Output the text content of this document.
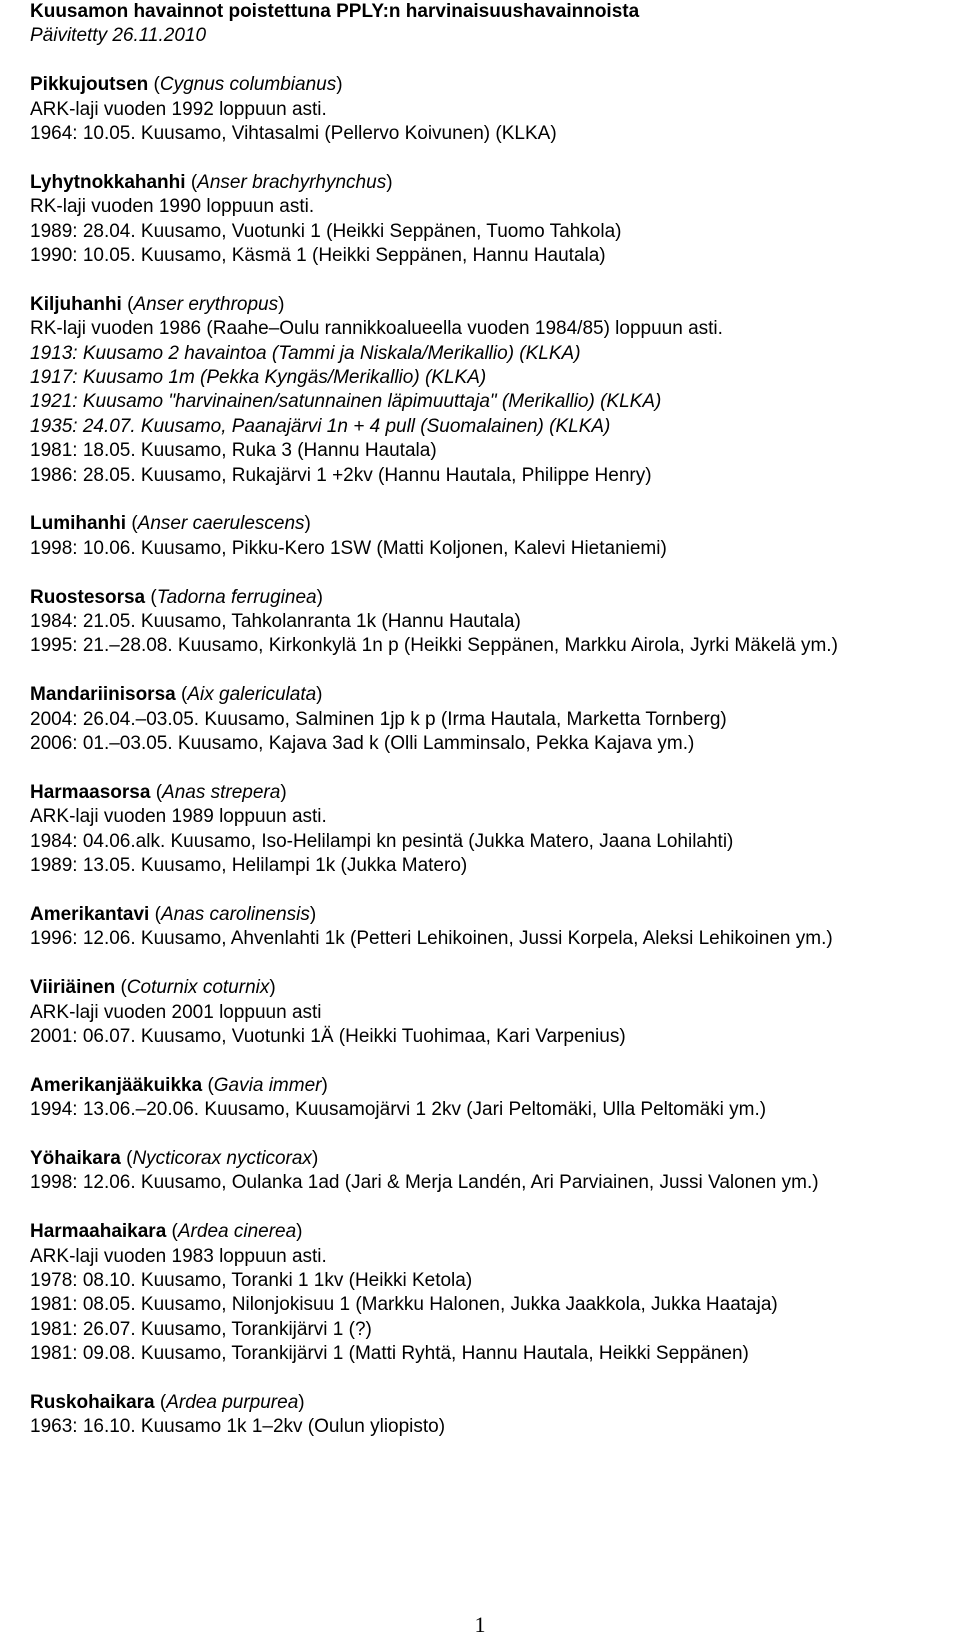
Kuusamon havainnot poistettuna PPLY:n harvinaisuushavainnoista
Päivitetty 26.11.2010
Pikkujoutsen (Cygnus columbianus)
ARK-laji vuoden 1992 loppuun asti.
1964: 10.05. Kuusamo, Vihtasalmi (Pellervo Koivunen) (KLKA)
Lyhytnokkahanhi (Anser brachyrhynchus)
RK-laji vuoden 1990 loppuun asti.
1989: 28.04. Kuusamo, Vuotunki 1 (Heikki Seppänen, Tuomo Tahkola)
1990: 10.05. Kuusamo, Käsmä 1 (Heikki Seppänen, Hannu Hautala)
Kiljuhanhi (Anser erythropus)
RK-laji vuoden 1986 (Raahe–Oulu rannikkoalueella vuoden 1984/85) loppuun asti.
1913: Kuusamo 2 havaintoa (Tammi ja Niskala/Merikallio) (KLKA)
1917: Kuusamo 1m (Pekka Kyngäs/Merikallio) (KLKA)
1921: Kuusamo "harvinainen/satunnainen läpimuuttaja" (Merikallio) (KLKA)
1935: 24.07. Kuusamo, Paanajärvi 1n + 4 pull (Suomalainen) (KLKA)
1981: 18.05. Kuusamo, Ruka 3 (Hannu Hautala)
1986: 28.05. Kuusamo, Rukajärvi 1 +2kv (Hannu Hautala, Philippe Henry)
Lumihanhi (Anser caerulescens)
1998: 10.06. Kuusamo, Pikku-Kero 1SW (Matti Koljonen, Kalevi Hietaniemi)
Ruostesorsa (Tadorna ferruginea)
1984: 21.05. Kuusamo, Tahkolanranta 1k (Hannu Hautala)
1995: 21.–28.08. Kuusamo, Kirkonkylä 1n p (Heikki Seppänen, Markku Airola, Jyrki Mäkelä ym.)
Mandariinisorsa (Aix galericulata)
2004: 26.04.–03.05. Kuusamo, Salminen 1jp k p (Irma Hautala, Marketta Tornberg)
2006: 01.–03.05. Kuusamo, Kajava 3ad k (Olli Lamminsalo, Pekka Kajava ym.)
Harmaasorsa (Anas strepera)
ARK-laji vuoden 1989 loppuun asti.
1984: 04.06.alk. Kuusamo, Iso-Helilampi kn pesintä (Jukka Matero, Jaana Lohilahti)
1989: 13.05. Kuusamo, Helilampi 1k (Jukka Matero)
Amerikantavi (Anas carolinensis)
1996: 12.06. Kuusamo, Ahvenlahti 1k (Petteri Lehikoinen, Jussi Korpela, Aleksi Lehikoinen ym.)
Viiriäinen (Coturnix coturnix)
ARK-laji vuoden 2001 loppuun asti
2001: 06.07. Kuusamo, Vuotunki 1Ä (Heikki Tuohimaa, Kari Varpenius)
Amerikanjääkuikka (Gavia immer)
1994: 13.06.–20.06. Kuusamo, Kuusamojärvi 1 2kv (Jari Peltomäki, Ulla Peltomäki ym.)
Yöhaikara (Nycticorax nycticorax)
1998: 12.06. Kuusamo, Oulanka 1ad (Jari & Merja Landén, Ari Parviainen, Jussi Valonen ym.)
Harmaahaikara (Ardea cinerea)
ARK-laji vuoden 1983 loppuun asti.
1978: 08.10. Kuusamo, Toranki 1 1kv (Heikki Ketola)
1981: 08.05. Kuusamo, Nilonjokisuu 1 (Markku Halonen, Jukka Jaakkola, Jukka Haataja)
1981: 26.07. Kuusamo, Torankijärvi 1 (?)
1981: 09.08. Kuusamo, Torankijärvi 1 (Matti Ryhtä, Hannu Hautala, Heikki Seppänen)
Ruskohaikara (Ardea purpurea)
1963: 16.10. Kuusamo 1k 1–2kv (Oulun yliopisto)
1
